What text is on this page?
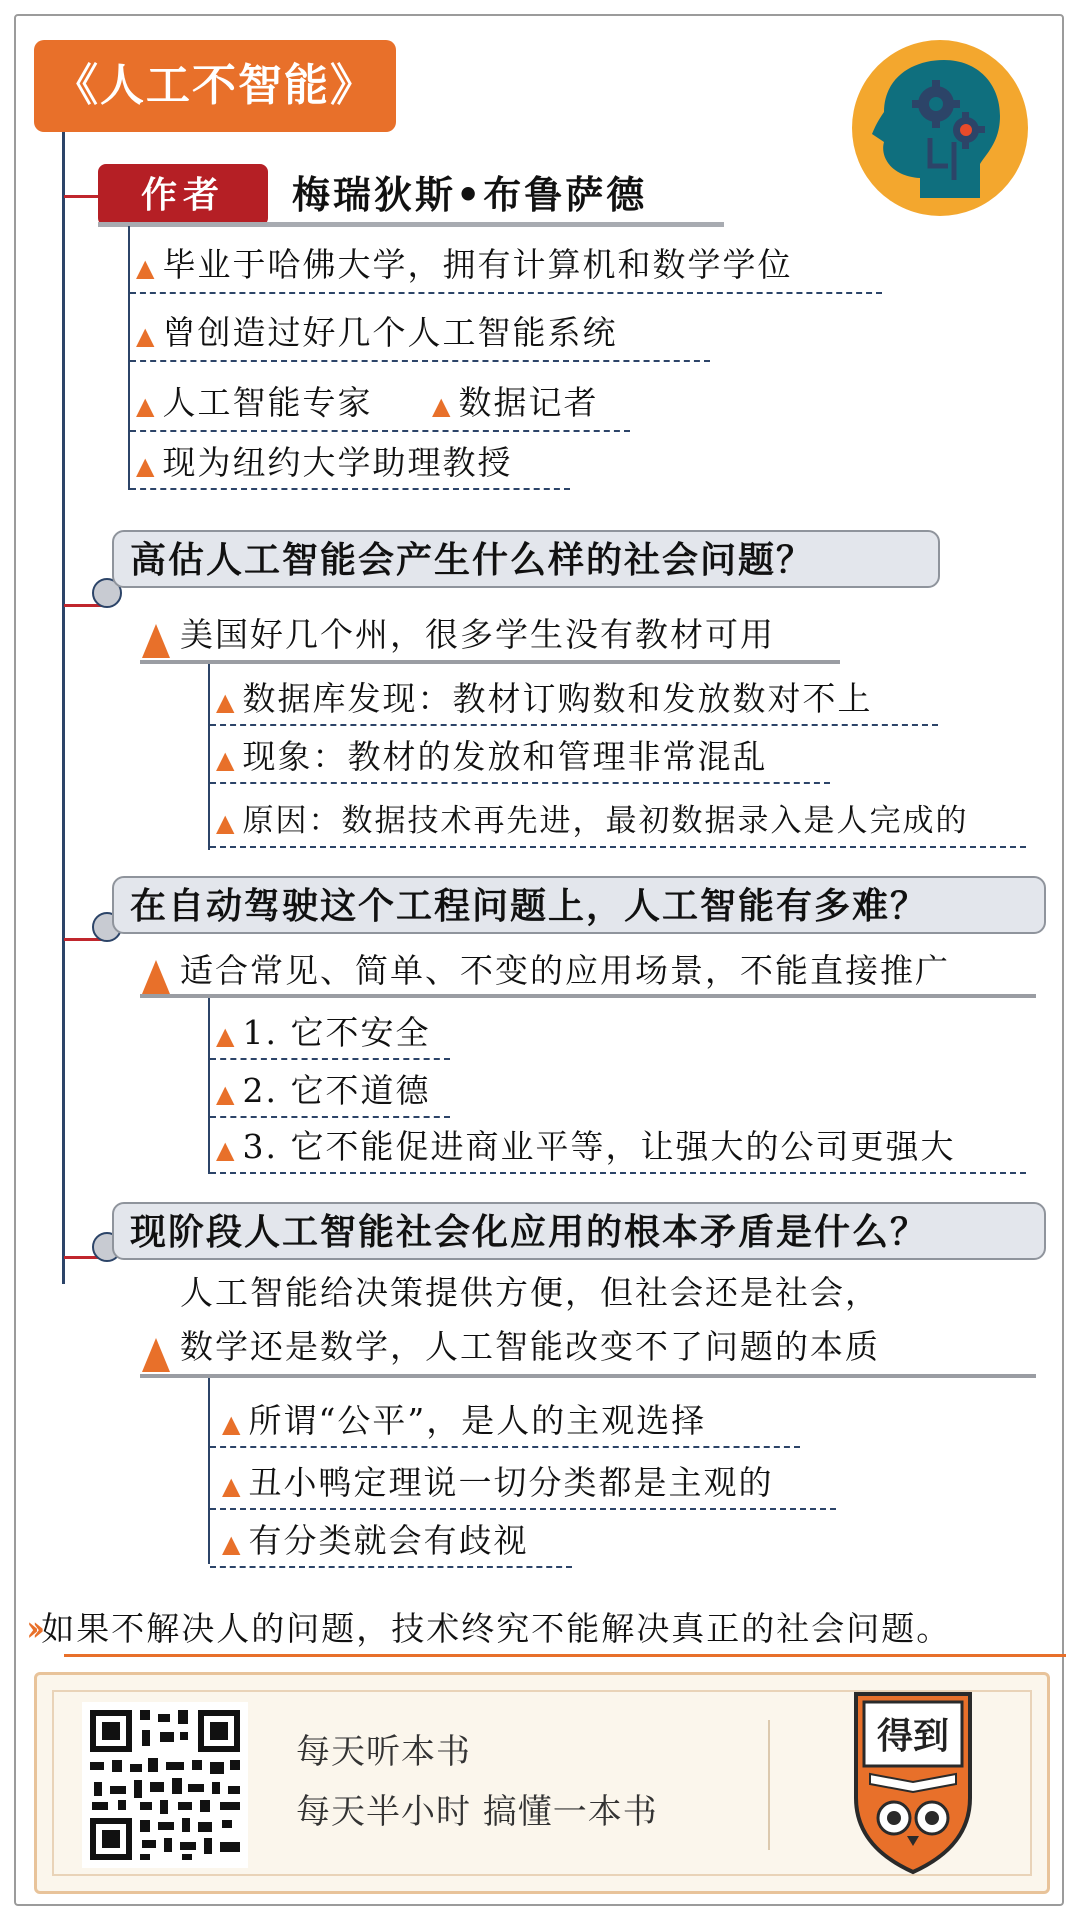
《人工不智能》
作者	梅瑞狄斯•布鲁萨德
▲ 毕业于哈佛大学，拥有计算机和数学学位
▲ 曾创造过好几个人工智能系统
▲ 人工智能专家 ▲ 数据记者
▲ 现为纽约大学助理教授
高估人工智能会产生什么样的社会问题？
美国好几个州，很多学生没有教材可用
▲ 数据库发现：教材订购数和发放数对不上
▲ 现象：教材的发放和管理非常混乱
▲ 原因：数据技术再先进，最初数据录入是人完成的
在自动驾驶这个工程问题上，人工智能有多难？
适合常见、简单、不变的应用场景，不能直接推广
▲ 1. 它不安全
▲ 2. 它不道德
▲ 3. 它不能促进商业平等，让强大的公司更强大
现阶段人工智能社会化应用的根本矛盾是什么？
人工智能给决策提供方便，但社会还是社会，
数学还是数学，人工智能改变不了问题的本质
▲ 所谓“公平”，是人的主观选择
▲ 丑小鸭定理说一切分类都是主观的
▲ 有分类就会有歧视
›› 如果不解决人的问题，技术终究不能解决真正的社会问题。
每天听本书
每天半小时 搞懂一本书
得到
